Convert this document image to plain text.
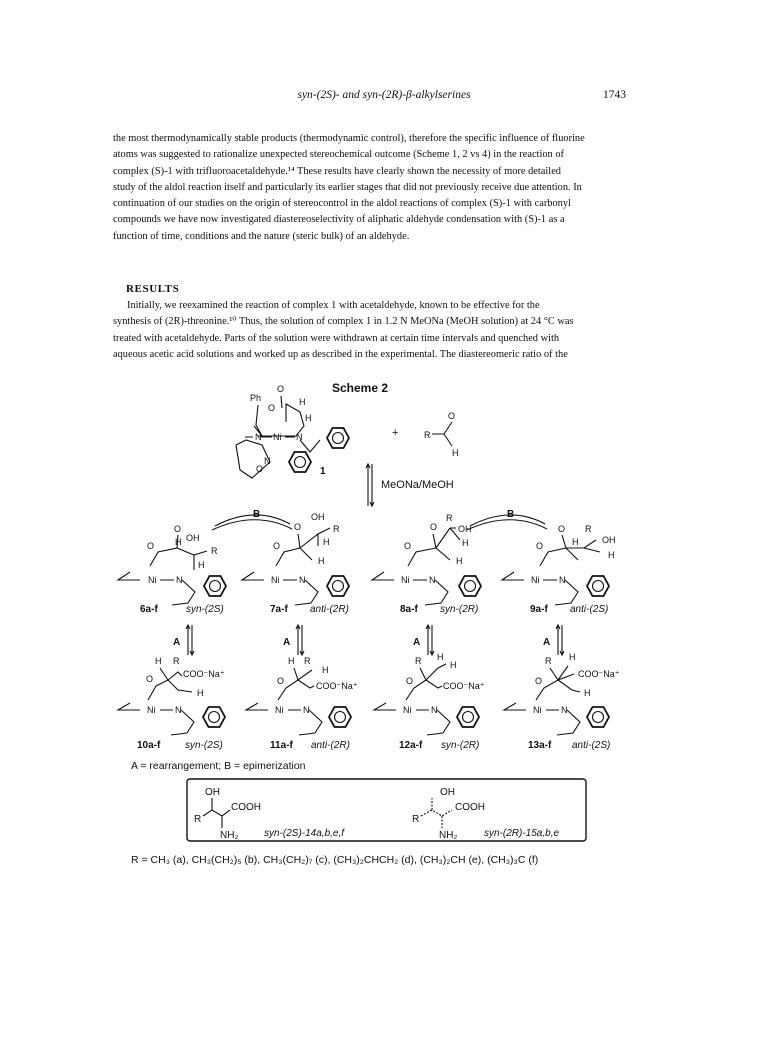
syn-(2S)- and syn-(2R)-β-alkylserines	1743

the most thermodynamically stable products (thermodynamic control), therefore the specific influence of fluorine

atoms was suggested to rationalize unexpected stereochemical outcome (Scheme 1, 2 vs 4) in the reaction of

complex (S)-1 with trifluoroacetaldehyde.¹⁴ These results have clearly shown the necessity of more detailed

study of the aldol reaction itself and particularly its earlier stages that did not previously receive due attention. In

continuation of our studies on the origin of stereocontrol in the aldol reactions of complex (S)-1 with carbonyl

compounds we have now investigated diastereoselectivity of aliphatic aldehyde condensation with (S)-1 as a

function of time, conditions and the nature (steric bulk) of an aldehyde.

RESULTS

Initially, we reexamined the reaction of complex 1 with acetaldehyde, known to be effective for the

synthesis of (2R)-threonine.¹⁰ Thus, the solution of complex 1 in 1.2 N MeONa (MeOH solution) at 24 °C was

treated with acetaldehyde. Parts of the solution were withdrawn at certain time intervals and quenched with

aqueous acetic acid solutions and worked up as described in the experimental. The diastereomeric ratio of the

Scheme 2
Ph
O
O
H
H
N Ni N
N
O	1
+	R
O
H
MeONa/MeOH
B	B
O
H OH
R
O
H
Ni N
6a-f	syn-(2S)
OH
R
O
H
O
H
Ni N
7a-f anti-(2R)
R
O OH
H
O
H
Ni N
8a-f syn-(2R)
O
H
R
OH
O
H
Ni N
9a-f anti-(2S)
A	A	A	A
H R
COO⁻Na⁺
O
H
Ni N
10a-f syn-(2S)
H R
H
O	COO⁻Na⁺
Ni N
11a-f anti-(2R)
R H
H
O	COO⁻Na⁺
Ni N
12a-f syn-(2R)
R H
COO⁻Na⁺
O
H
Ni N
13a-f anti-(2S)
A = rearrangement; B = epimerization
OH
R
COOH
NH₂	syn-(2S)-14a,b,e,f
OH
R
COOH
NH₂	syn-(2R)-15a,b,e
R = CH₃ (a), CH₃(CH₂)₅ (b), CH₃(CH₂)₇ (c), (CH₃)₂CHCH₂ (d), (CH₃)₂CH (e), (CH₃)₃C (f)
